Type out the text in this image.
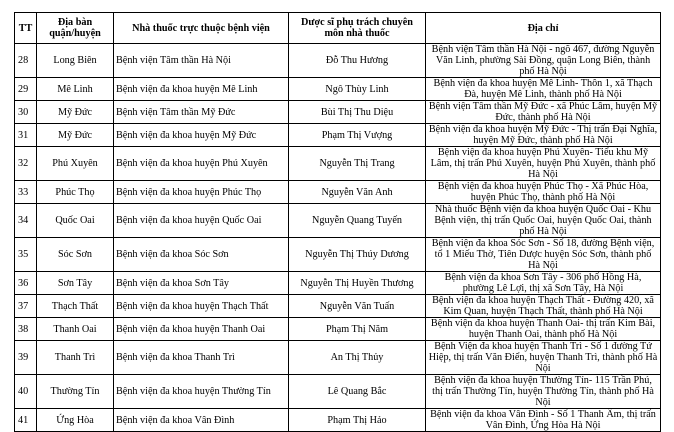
TT	Địa bàn quận/huyện	Nhà thuốc trực thuộc bệnh viện	Dược sĩ phụ trách chuyên môn nhà thuốc	Địa chỉ
28	Long Biên	Bệnh viện Tâm thần Hà Nội	Đỗ Thu Hương	Bệnh viện Tâm thần Hà Nội - ngõ 467, đường Nguyễn Văn Linh, phường Sài Đồng, quận Long Biên, thành phố Hà Nội
29	Mê Linh	Bệnh viện đa khoa huyện Mê Linh	Ngô Thùy Linh	Bệnh viện đa khoa huyện Mê Linh- Thôn 1, xã Thạch Đà, huyện Mê Linh, thành phố Hà Nội
30	Mỹ Đức	Bệnh viện Tâm thần Mỹ Đức	Bùi Thị Thu Diệu	Bệnh viện Tâm thần Mỹ Đức - xã Phúc Lâm, huyện Mỹ Đức, thành phố Hà Nội
31	Mỹ Đức	Bệnh viện đa khoa huyện Mỹ Đức	Phạm Thị Vượng	Bệnh viện đa khoa huyện Mỹ Đức - Thị trấn Đại Nghĩa, huyện Mỹ Đức, thành phố Hà Nội
32	Phú Xuyên	Bệnh viện đa khoa huyện Phú Xuyên	Nguyễn Thị Trang	Bệnh viện đa khoa huyện Phú Xuyên- Tiểu khu Mỹ Lâm, thị trấn Phú Xuyên, huyện Phú Xuyên, thành phố Hà Nội
33	Phúc Thọ	Bệnh viện đa khoa huyện Phúc Thọ	Nguyễn Văn Anh	Bệnh viện đa khoa huyện Phúc Thọ - Xã Phúc Hòa, huyện Phúc Thọ, thành phố Hà Nội
34	Quốc Oai	Bệnh viện đa khoa huyện Quốc Oai	Nguyễn Quang Tuyến	Nhà thuốc Bệnh viện đa khoa huyện Quốc Oai - Khu Bệnh viện, thị trấn Quốc Oai, huyện Quốc Oai, thành phố Hà Nội
35	Sóc Sơn	Bệnh viện đa khoa Sóc Sơn	Nguyễn Thị Thúy Dương	Bệnh viện đa khoa Sóc Sơn - Số 18, đường Bệnh viện, tổ 1 Miếu Thờ, Tiên Dược huyện Sóc Sơn, thành phố Hà Nội
36	Sơn Tây	Bệnh viện đa khoa Sơn Tây	Nguyễn Thị Huyền Thương	Bệnh viện đa khoa Sơn Tây - 306 phố Hồng Hà, phường Lê Lợi, thị xã Sơn Tây, Hà Nội
37	Thạch Thất	Bệnh viện đa khoa huyện Thạch Thất	Nguyễn Văn Tuấn	Bệnh viện đa khoa huyện Thạch Thất - Đường 420, xã Kim Quan, huyện Thạch Thất, thành phố Hà Nội
38	Thanh Oai	Bệnh viện đa khoa huyện Thanh Oai	Phạm Thị Năm	Bệnh viện đa khoa huyện Thanh Oai- thị trấn Kim Bài, huyện Thanh Oai, thành phố Hà Nội
39	Thanh Trì	Bệnh viện đa khoa Thanh Trì	An Thị Thủy	Bệnh Viện đa khoa huyện Thanh Trì - Số 1 đường Tứ Hiệp, thị trấn Văn Điển, huyện Thanh Trì, thành phố Hà Nội
40	Thường Tín	Bệnh viện đa khoa huyện Thường Tín	Lê Quang Bắc	Bệnh viện đa khoa huyện Thường Tín- 115 Trần Phú, thị trấn Thường Tín, huyện Thường Tín, thành phố Hà Nội
41	Ứng Hòa	Bệnh viện đa khoa Vân Đình	Phạm Thị Hảo	Bệnh viện đa khoa Vân Đình - Số 1 Thanh Âm, thị trấn Vân Đình, Ứng Hòa Hà Nội
